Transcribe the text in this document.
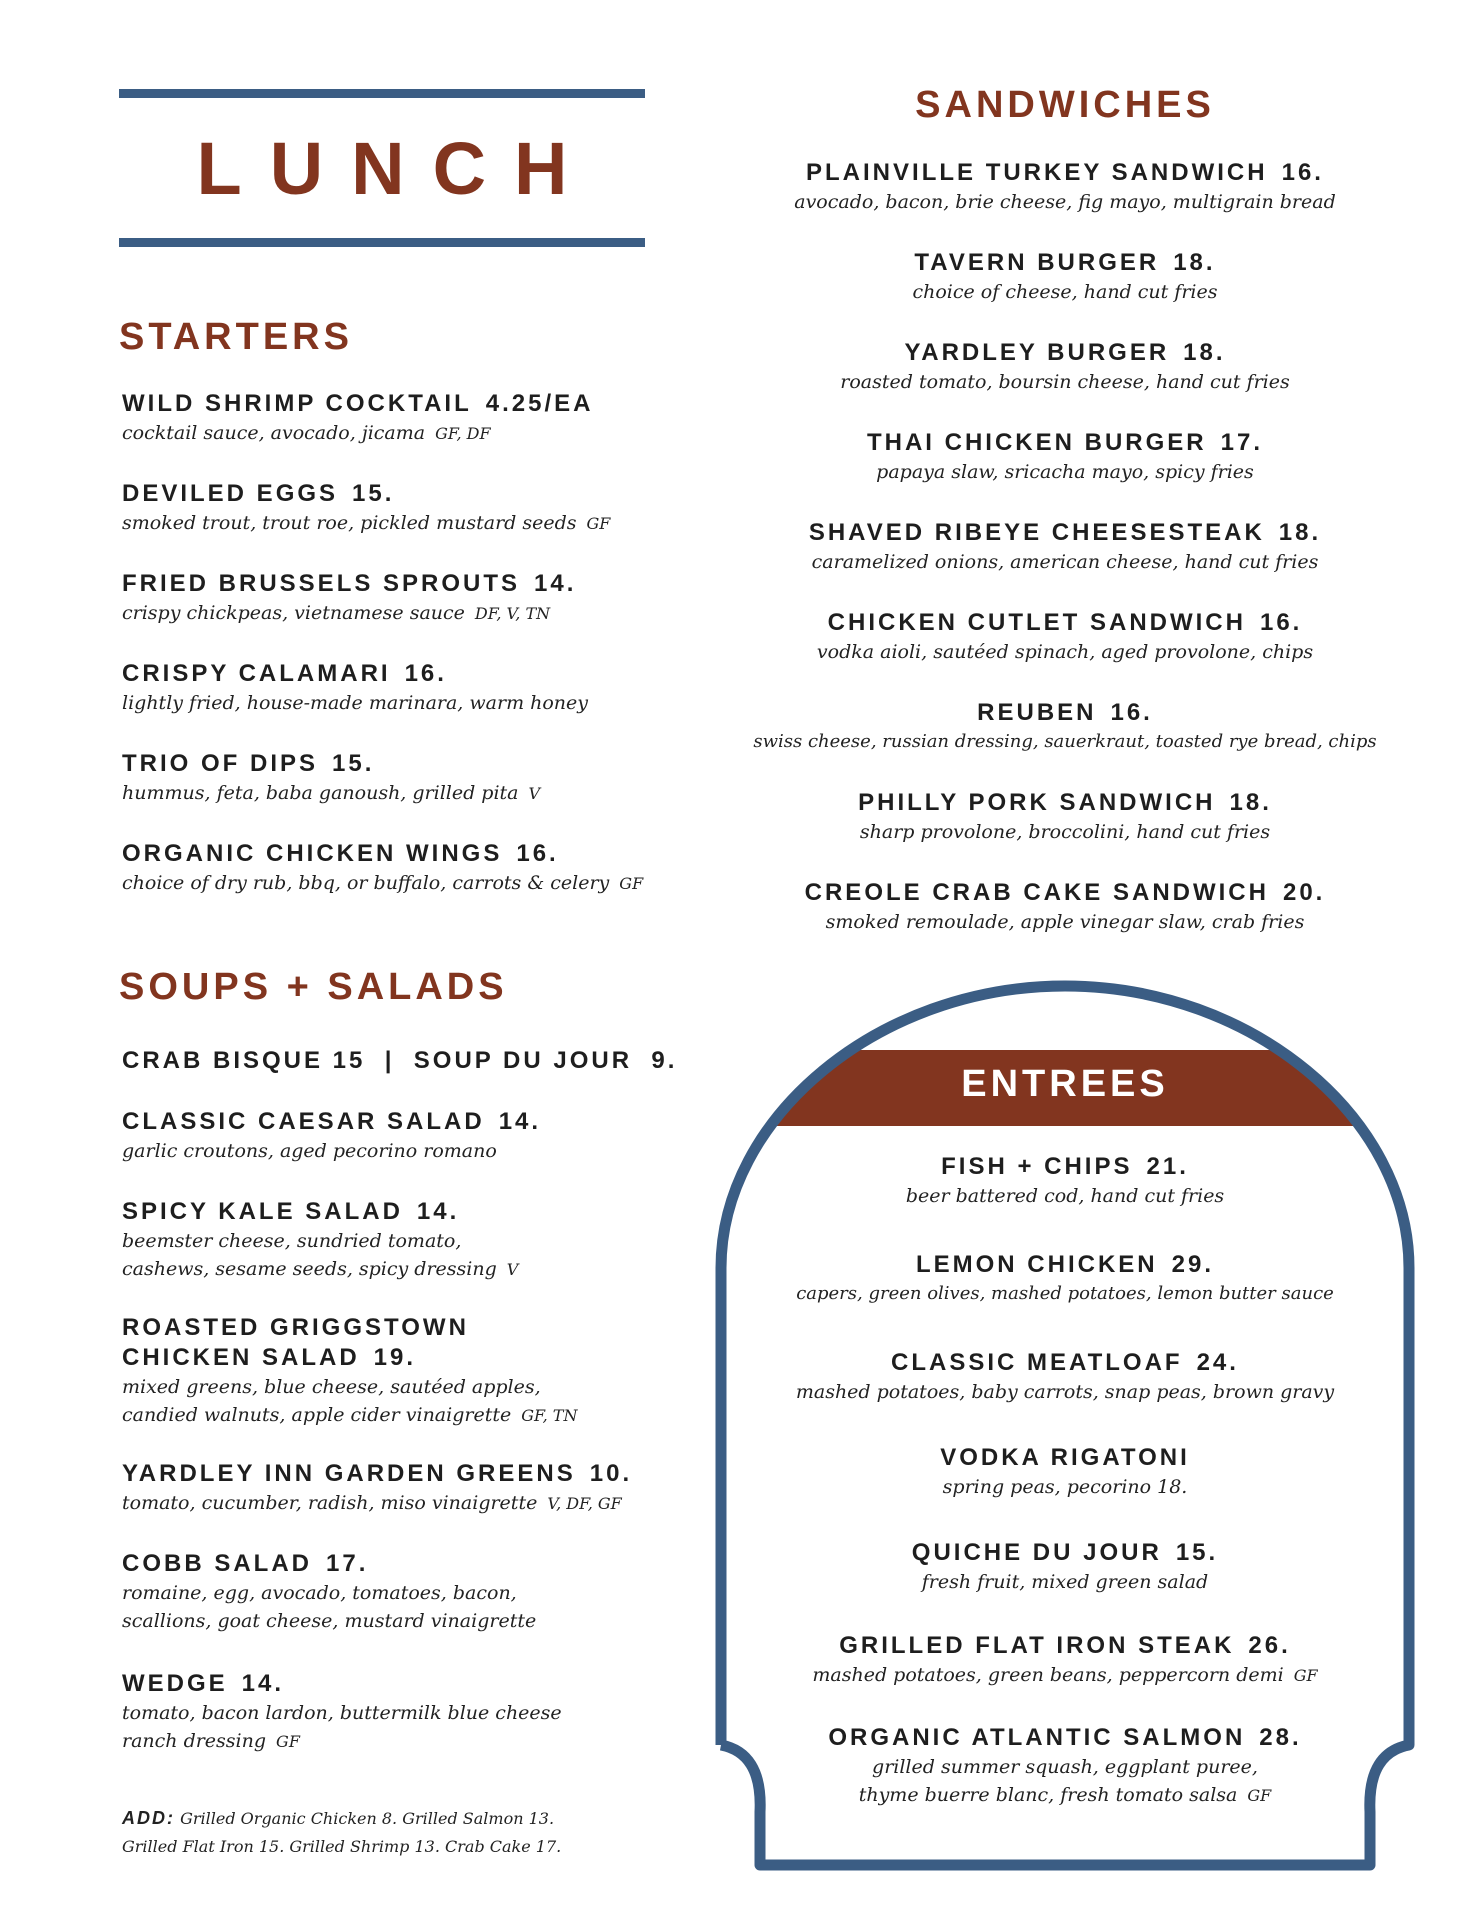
LUNCH
STARTERS
WILD SHRIMP COCKTAIL 4.25/EA
cocktail sauce, avocado, jicama GF, DF
DEVILED EGGS 15.
smoked trout, trout roe, pickled mustard seeds GF
FRIED BRUSSELS SPROUTS 14.
crispy chickpeas, vietnamese sauce DF, V, TN
CRISPY CALAMARI 16.
lightly fried, house-made marinara, warm honey
TRIO OF DIPS 15.
hummus, feta, baba ganoush, grilled pita V
ORGANIC CHICKEN WINGS 16.
choice of dry rub, bbq, or buffalo, carrots & celery GF
SOUPS + SALADS
CRAB BISQUE 15  |  SOUP DU JOUR  9.
CLASSIC CAESAR SALAD 14.
garlic croutons, aged pecorino romano
SPICY KALE SALAD 14.
beemster cheese, sundried tomato,
cashews, sesame seeds, spicy dressing V
ROASTED GRIGGSTOWN
CHICKEN SALAD 19.
mixed greens, blue cheese, sautéed apples,
candied walnuts, apple cider vinaigrette GF, TN
YARDLEY INN GARDEN GREENS 10.
tomato, cucumber, radish, miso vinaigrette V, DF, GF
COBB SALAD 17.
romaine, egg, avocado, tomatoes, bacon,
scallions, goat cheese, mustard vinaigrette
WEDGE 14.
tomato, bacon lardon, buttermilk blue cheese
ranch dressing GF
ADD: Grilled Organic Chicken 8. Grilled Salmon 13.
Grilled Flat Iron 15. Grilled Shrimp 13. Crab Cake 17.
SANDWICHES
PLAINVILLE TURKEY SANDWICH 16.
avocado, bacon, brie cheese, fig mayo, multigrain bread
TAVERN BURGER 18.
choice of cheese, hand cut fries
YARDLEY BURGER 18.
roasted tomato, boursin cheese, hand cut fries
THAI CHICKEN BURGER 17.
papaya slaw, sricacha mayo, spicy fries
SHAVED RIBEYE CHEESESTEAK 18.
caramelized onions, american cheese, hand cut fries
CHICKEN CUTLET SANDWICH 16.
vodka aioli, sautéed spinach, aged provolone, chips
REUBEN 16.
swiss cheese, russian dressing, sauerkraut, toasted rye bread, chips
PHILLY PORK SANDWICH 18.
sharp provolone, broccolini, hand cut fries
CREOLE CRAB CAKE SANDWICH 20.
smoked remoulade, apple vinegar slaw, crab fries
ENTREES
FISH + CHIPS 21.
beer battered cod, hand cut fries
LEMON CHICKEN 29.
capers, green olives, mashed potatoes, lemon butter sauce
CLASSIC MEATLOAF 24.
mashed potatoes, baby carrots, snap peas, brown gravy
VODKA RIGATONI
spring peas, pecorino 18.
QUICHE DU JOUR 15.
fresh fruit, mixed green salad
GRILLED FLAT IRON STEAK 26.
mashed potatoes, green beans, peppercorn demi GF
ORGANIC ATLANTIC SALMON 28.
grilled summer squash, eggplant puree,
thyme buerre blanc, fresh tomato salsa GF
